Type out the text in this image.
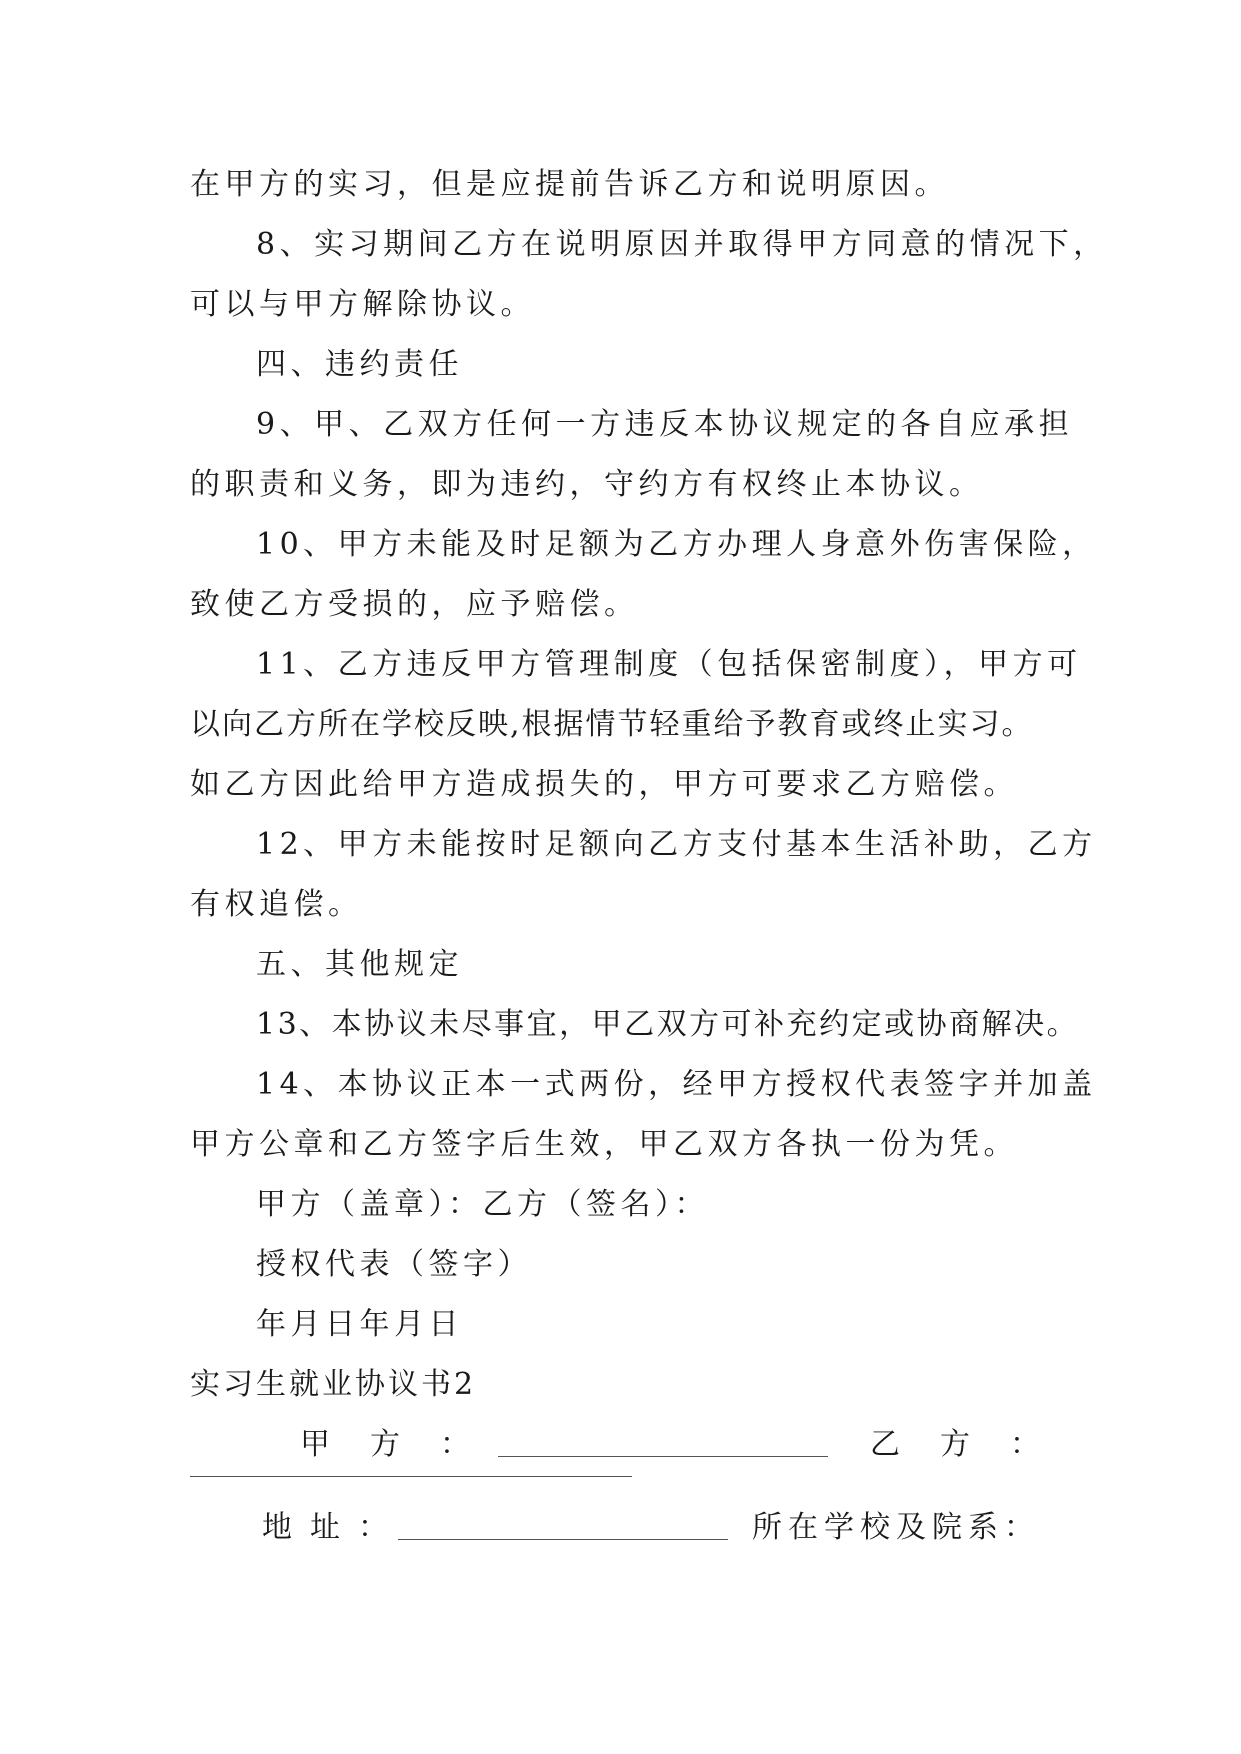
在甲方的实习，但是应提前告诉乙方和说明原因。
8、实习期间乙方在说明原因并取得甲方同意的情况下，
可以与甲方解除协议。
四、违约责任
9、甲、乙双方任何一方违反本协议规定的各自应承担
的职责和义务，即为违约，守约方有权终止本协议。
10、甲方未能及时足额为乙方办理人身意外伤害保险，
致使乙方受损的，应予赔偿。
11、乙方违反甲方管理制度（包括保密制度），甲方可
以向乙方所在学校反映,根据情节轻重给予教育或终止实习。
如乙方因此给甲方造成损失的，甲方可要求乙方赔偿。
12、甲方未能按时足额向乙方支付基本生活补助，乙方
有权追偿。
五、其他规定
13、本协议未尽事宜，甲乙双方可补充约定或协商解决。
14、本协议正本一式两份，经甲方授权代表签字并加盖
甲方公章和乙方签字后生效，甲乙双方各执一份为凭。
甲方（盖章）：乙方（签名）：
授权代表（签字）
年月日年月日
实习生就业协议书2
甲方：	乙方：
地址：	所在学校及院系：
